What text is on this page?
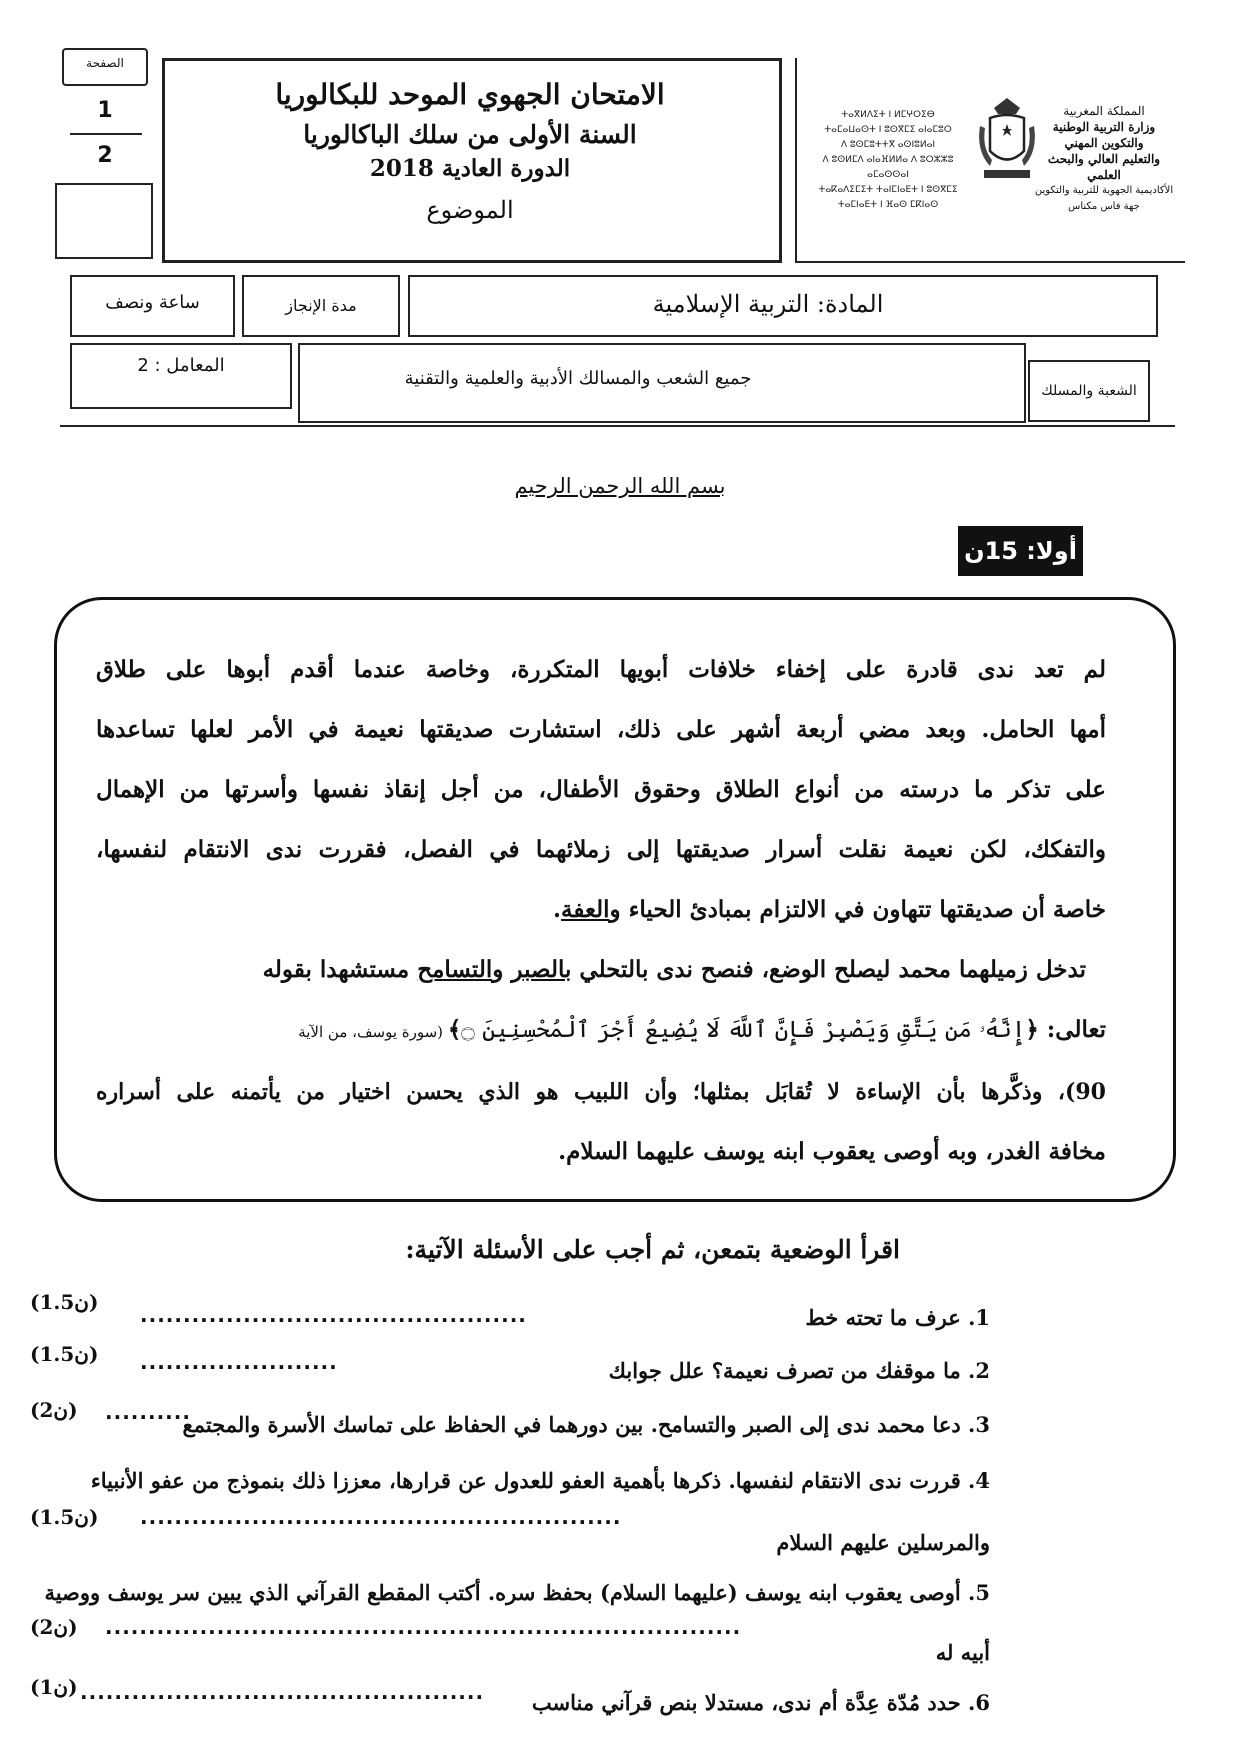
الصفحة
1
2
الامتحان الجهوي الموحد للبكالوريا
السنة الأولى من سلك الباكالوريا
الدورة العادية 2018
الموضوع
ⵜⴰⴳⵍⴷⵉⵜ ⵏ ⵍⵎⵖⵔⵉⴱ
ⵜⴰⵎⴰⵡⴰⵙⵜ ⵏ ⵓⵙⴳⵎⵉ ⴰⵏⴰⵎⵓⵔ
ⴷ ⵓⵙⵎⵓⵜⵜⴳ ⴰⵙⵏⵓⵍⴰⵏ
ⴷ ⵓⵙⵍⵎⴷ ⴰⵏⴰⴼⵍⵍⴰ ⴷ ⵓⵔⵣⵣⵓ ⴰⵎⴰⵙⵙⴰⵏ
ⵜⴰⴽⴰⴷⵉⵎⵉⵜ ⵜⴰⵏⵎⵏⴰⴹⵜ ⵏ ⵓⵙⴳⵎⵉ
ⵜⴰⵎⵏⴰⴹⵜ ⵏ ⴼⴰⵙ ⵎⴽⵏⴰⵙ
المملكة المغربية
وزارة التربية الوطنية
والتكوين المهني
والتعليم العالي والبحث العلمي
الأكاديمية الجهوية للتربية والتكوين
جهة فاس مكناس
ساعة ونصف	مدة الإنجاز	المادة: التربية الإسلامية
المعامل : 2
جميع الشعب والمسالك الأدبية والعلمية والتقنية
الشعبة والمسلك
بسم الله الرحمن الرحيم
أولا: 15ن
لم تعد ندى قادرة على إخفاء خلافات أبويها المتكررة، وخاصة عندما أقدم أبوها على طلاق
أمها الحامل. وبعد مضي أربعة أشهر على ذلك، استشارت صديقتها نعيمة في الأمر لعلها تساعدها
على تذكر ما درسته من أنواع الطلاق وحقوق الأطفال، من أجل إنقاذ نفسها وأسرتها من الإهمال
والتفكك، لكن نعيمة نقلت أسرار صديقتها إلى زملائهما في الفصل، فقررت ندى الانتقام لنفسها،
خاصة أن صديقتها تتهاون في الالتزام بمبادئ الحياء والعفة.
تدخل زميلهما محمد ليصلح الوضع، فنصح ندى بالتحلي بالصبر والتسامح مستشهدا بقوله
تعالى: ﴿إِنَّهُۥ مَن يَتَّقِ وَيَصْبِرْ فَإِنَّ ٱللَّهَ لَا يُضِيعُ أَجْرَ ٱلْمُحْسِنِينَ ۝﴾ (سورة يوسف، من الآية
90)، وذكَّرها بأن الإساءة لا تُقابَل بمثلها؛ وأن اللبيب هو الذي يحسن اختيار من يأتمنه على أسراره
مخافة الغدر، وبه أوصى يعقوب ابنه يوسف عليهما السلام.
اقرأ الوضعية بتمعن، ثم أجب على الأسئلة الآتية:
1. عرف ما تحته خط
.............................................
(1.5ن)
2. ما موقفك من تصرف نعيمة؟ علل جوابك
.......................
(1.5ن)
3. دعا محمد ندى إلى الصبر والتسامح. بين دورهما في الحفاظ على تماسك الأسرة والمجتمع
..........
(2ن)
4. قررت ندى الانتقام لنفسها. ذكرها بأهمية العفو للعدول عن قرارها، معززا ذلك بنموذج من عفو الأنبياء
........................................................
(1.5ن)
والمرسلين عليهم السلام
5. أوصى يعقوب ابنه يوسف (عليهما السلام) بحفظ سره. أكتب المقطع القرآني الذي يبين سر يوسف ووصية
..........................................................................
(2ن)
أبيه له
6. حدد مُدّة عِدَّة أم ندى، مستدلا بنص قرآني مناسب
...............................................
(1ن)
